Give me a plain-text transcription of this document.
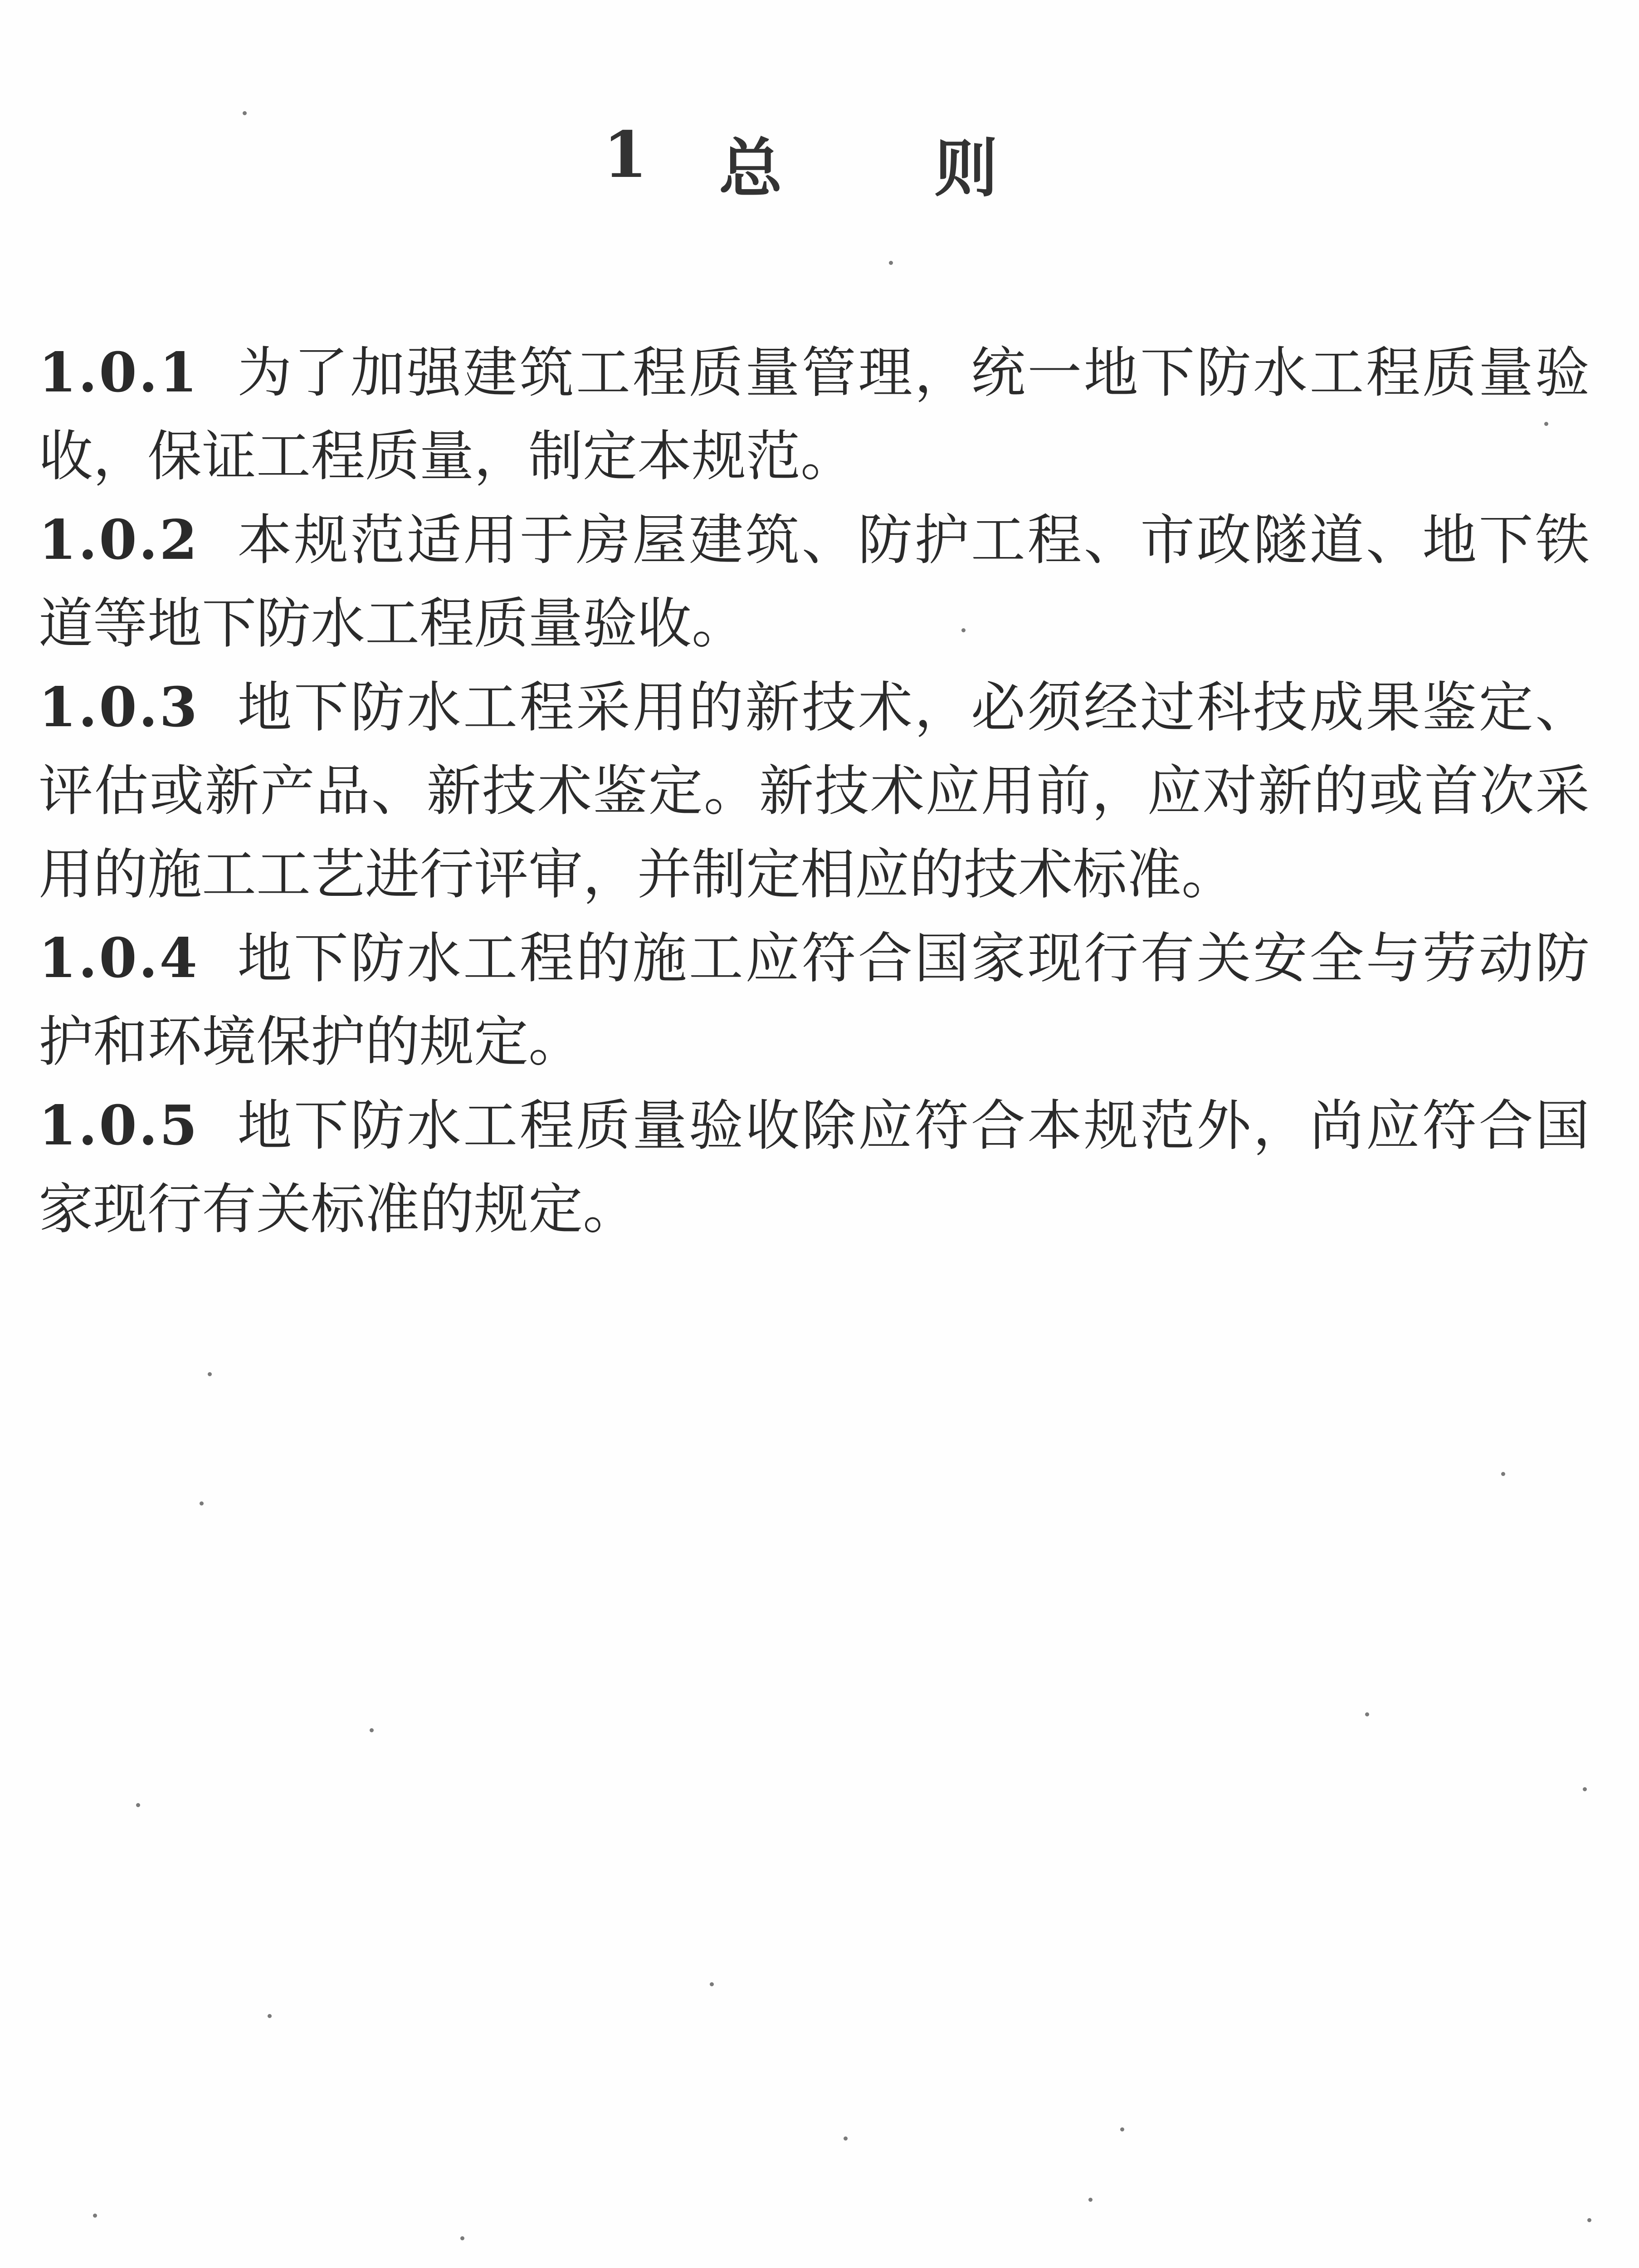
1 总 则

1.0.1 为了加强建筑工程质量管理，统一地下防水工程质量验收，保证工程质量，制定本规范。

1.0.2 本规范适用于房屋建筑、防护工程、市政隧道、地下铁道等地下防水工程质量验收。

1.0.3 地下防水工程采用的新技术，必须经过科技成果鉴定、评估或新产品、新技术鉴定。新技术应用前，应对新的或首次采用的施工工艺进行评审，并制定相应的技术标准。

1.0.4 地下防水工程的施工应符合国家现行有关安全与劳动防护和环境保护的规定。

1.0.5 地下防水工程质量验收除应符合本规范外，尚应符合国家现行有关标准的规定。
